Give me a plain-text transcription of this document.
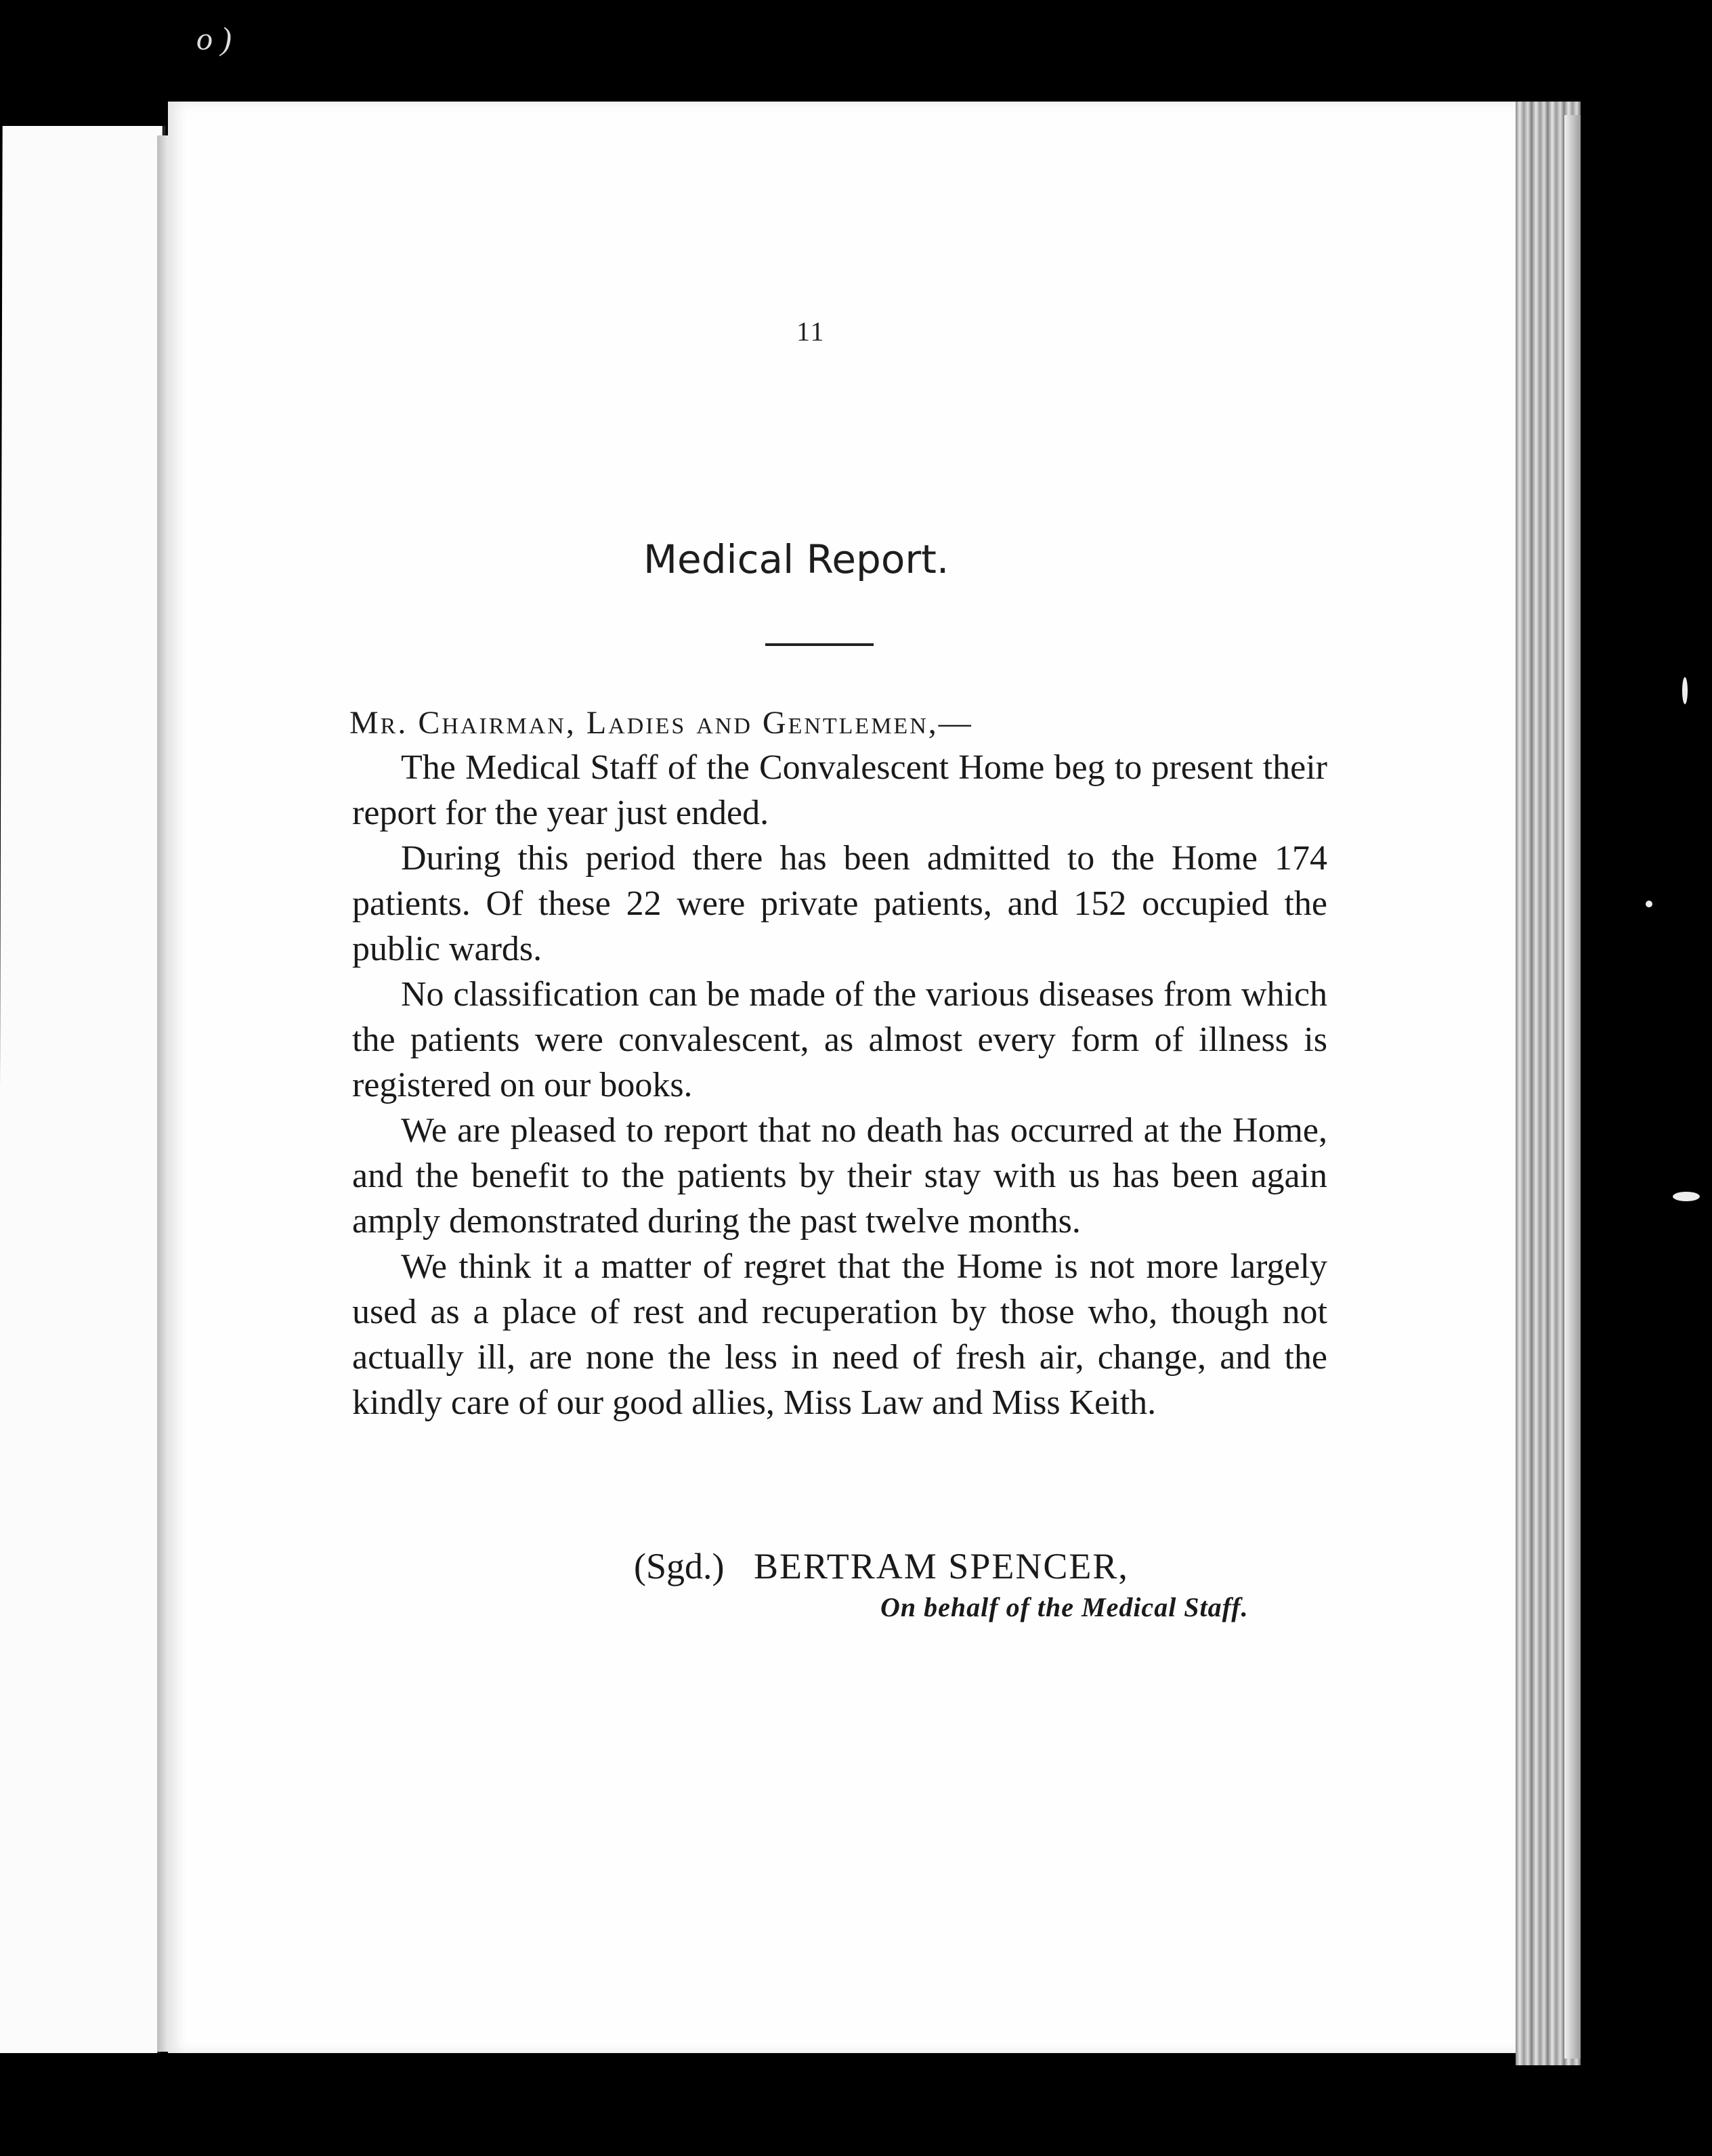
o )
11
Medical Report.
Mr. Chairman, Ladies and Gentlemen,—

The Medical Staff of the Convalescent Home beg to present their report for the year just ended.

During this period there has been admitted to the Home 174 patients. Of these 22 were private patients, and 152 occupied the public wards.

No classification can be made of the various diseases from which the patients were convalescent, as almost every form of illness is registered on our books.

We are pleased to report that no death has occurred at the Home, and the benefit to the patients by their stay with us has been again amply demonstrated during the past twelve months.

We think it a matter of regret that the Home is not more largely used as a place of rest and recuperation by those who, though not actually ill, are none the less in need of fresh air, change, and the kindly care of our good allies, Miss Law and Miss Keith.

(Sgd.) BERTRAM SPENCER,
On behalf of the Medical Staff.
